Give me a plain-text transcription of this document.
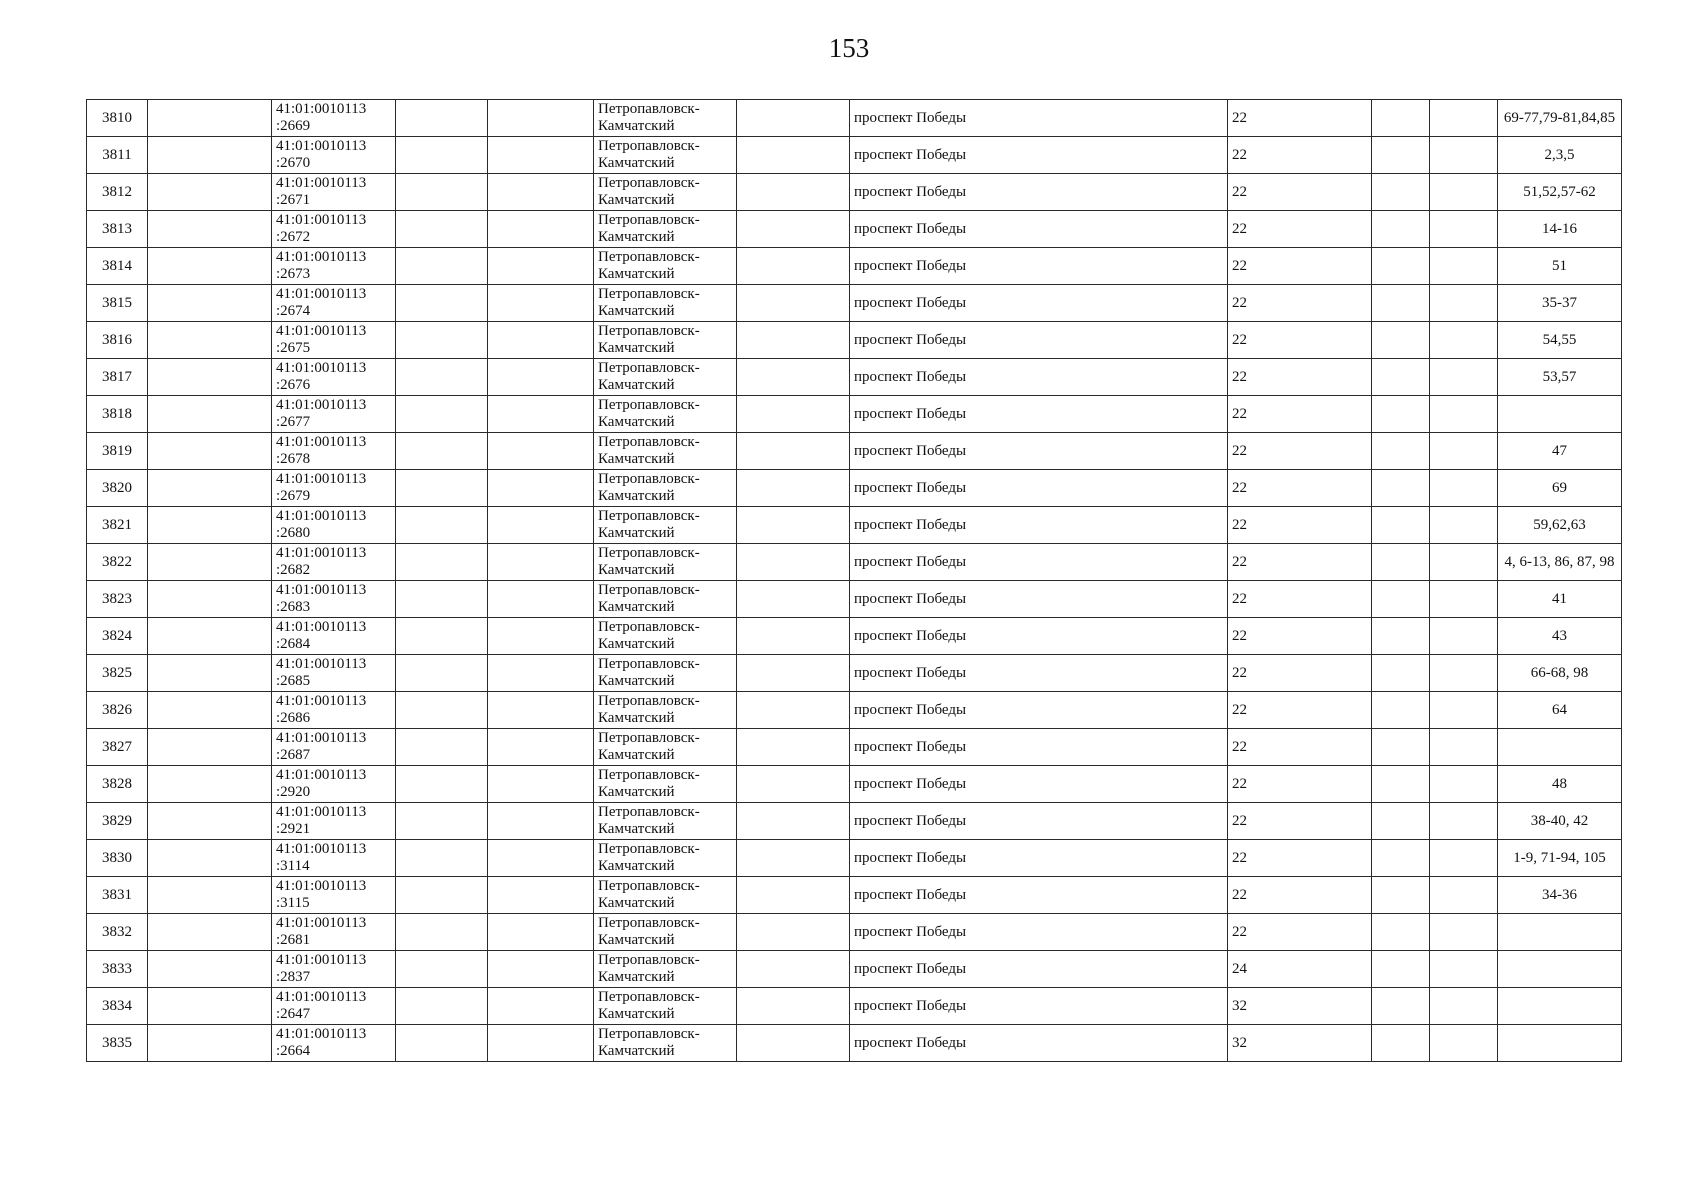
153
3810		41:01:0010113
:2669			Петропавловск-
Камчатский		проспект Победы	22			69-77,79-81,84,85
3811		41:01:0010113
:2670			Петропавловск-
Камчатский		проспект Победы	22			2,3,5
3812		41:01:0010113
:2671			Петропавловск-
Камчатский		проспект Победы	22			51,52,57-62
3813		41:01:0010113
:2672			Петропавловск-
Камчатский		проспект Победы	22			14-16
3814		41:01:0010113
:2673			Петропавловск-
Камчатский		проспект Победы	22			51
3815		41:01:0010113
:2674			Петропавловск-
Камчатский		проспект Победы	22			35-37
3816		41:01:0010113
:2675			Петропавловск-
Камчатский		проспект Победы	22			54,55
3817		41:01:0010113
:2676			Петропавловск-
Камчатский		проспект Победы	22			53,57
3818		41:01:0010113
:2677			Петропавловск-
Камчатский		проспект Победы	22			
3819		41:01:0010113
:2678			Петропавловск-
Камчатский		проспект Победы	22			47
3820		41:01:0010113
:2679			Петропавловск-
Камчатский		проспект Победы	22			69
3821		41:01:0010113
:2680			Петропавловск-
Камчатский		проспект Победы	22			59,62,63
3822		41:01:0010113
:2682			Петропавловск-
Камчатский		проспект Победы	22			4, 6-13, 86, 87, 98
3823		41:01:0010113
:2683			Петропавловск-
Камчатский		проспект Победы	22			41
3824		41:01:0010113
:2684			Петропавловск-
Камчатский		проспект Победы	22			43
3825		41:01:0010113
:2685			Петропавловск-
Камчатский		проспект Победы	22			66-68, 98
3826		41:01:0010113
:2686			Петропавловск-
Камчатский		проспект Победы	22			64
3827		41:01:0010113
:2687			Петропавловск-
Камчатский		проспект Победы	22			
3828		41:01:0010113
:2920			Петропавловск-
Камчатский		проспект Победы	22			48
3829		41:01:0010113
:2921			Петропавловск-
Камчатский		проспект Победы	22			38-40, 42
3830		41:01:0010113
:3114			Петропавловск-
Камчатский		проспект Победы	22			1-9, 71-94, 105
3831		41:01:0010113
:3115			Петропавловск-
Камчатский		проспект Победы	22			34-36
3832		41:01:0010113
:2681			Петропавловск-
Камчатский		проспект Победы	22			
3833		41:01:0010113
:2837			Петропавловск-
Камчатский		проспект Победы	24			
3834		41:01:0010113
:2647			Петропавловск-
Камчатский		проспект Победы	32			
3835		41:01:0010113
:2664			Петропавловск-
Камчатский		проспект Победы	32			
